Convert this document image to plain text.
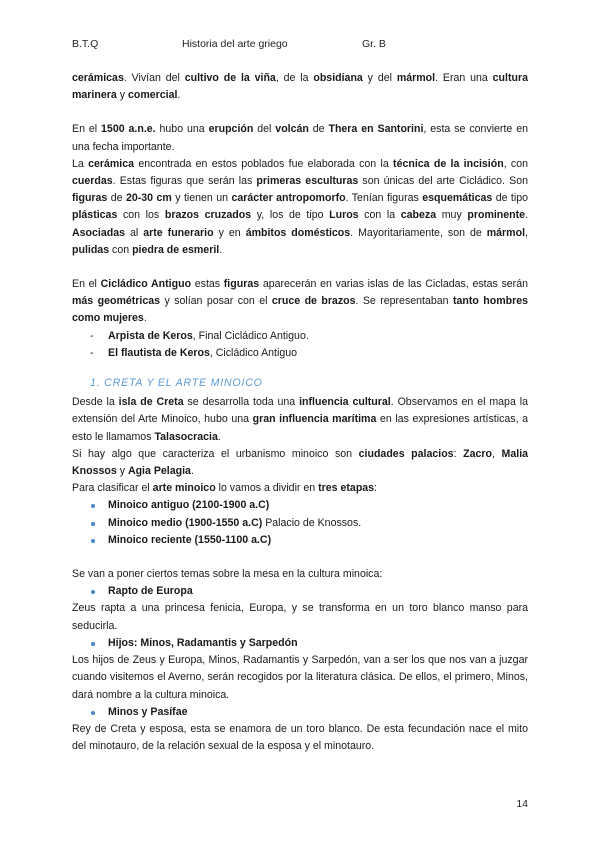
B.T.Q	Historia del arte griego	Gr. B

cerámicas. Vivían del cultivo de la viña, de la obsidiana y del mármol. Eran una cultura marinera y comercial.

En el 1500 a.n.e. hubo una erupción del volcán de Thera en Santorini, esta se convierte en una fecha importante.

La cerámica encontrada en estos poblados fue elaborada con la técnica de la incisión, con cuerdas. Estas figuras que serán las primeras esculturas son únicas del arte Cicládico. Son figuras de 20-30 cm y tienen un carácter antropomorfo. Tenían figuras esquemáticas de tipo plásticas con los brazos cruzados y, los de tipo Luros con la cabeza muy prominente. Asociadas al arte funerario y en ámbitos domésticos. Mayoritariamente, son de mármol, pulidas con piedra de esmeril.

En el Cicládico Antiguo estas figuras aparecerán en varias islas de las Cicladas, estas serán más geométricas y solían posar con el cruce de brazos. Se representaban tanto hombres como mujeres.

- Arpista de Keros, Final Cicládico Antiguo.
- El flautista de Keros, Cicládico Antiguo
1. CRETA Y EL ARTE MINOICO

Desde la isla de Creta se desarrolla toda una influencia cultural. Observamos en el mapa la extensión del Arte Minoico, hubo una gran influencia marítima en las expresiones artísticas, a esto le llamamos Talasocracia.

Si hay algo que caracteriza el urbanismo minoico son ciudades palacios: Zacro, Malia Knossos y Agia Pelagia.

Para clasificar el arte minoico lo vamos a dividir en tres etapas:

Minoico antiguo (2100-1900 a.C)
Minoico medio (1900-1550 a.C) Palacio de Knossos.
Minoico reciente (1550-1100 a.C)

Se van a poner ciertos temas sobre la mesa en la cultura minoica:

Rapto de Europa

Zeus rapta a una princesa fenicia, Europa, y se transforma en un toro blanco manso para seducirla.

Hijos: Minos, Radamantis y Sarpedón

Los hijos de Zeus y Europa, Minos, Radamantis y Sarpedón, van a ser los que nos van a juzgar cuando visitemos el Averno, serán recogidos por la literatura clásica. De ellos, el primero, Minos, dará nombre a la cultura minoica.

Minos y Pasífae

Rey de Creta y esposa, esta se enamora de un toro blanco. De esta fecundación nace el mito del minotauro, de la relación sexual de la esposa y el minotauro.

14
